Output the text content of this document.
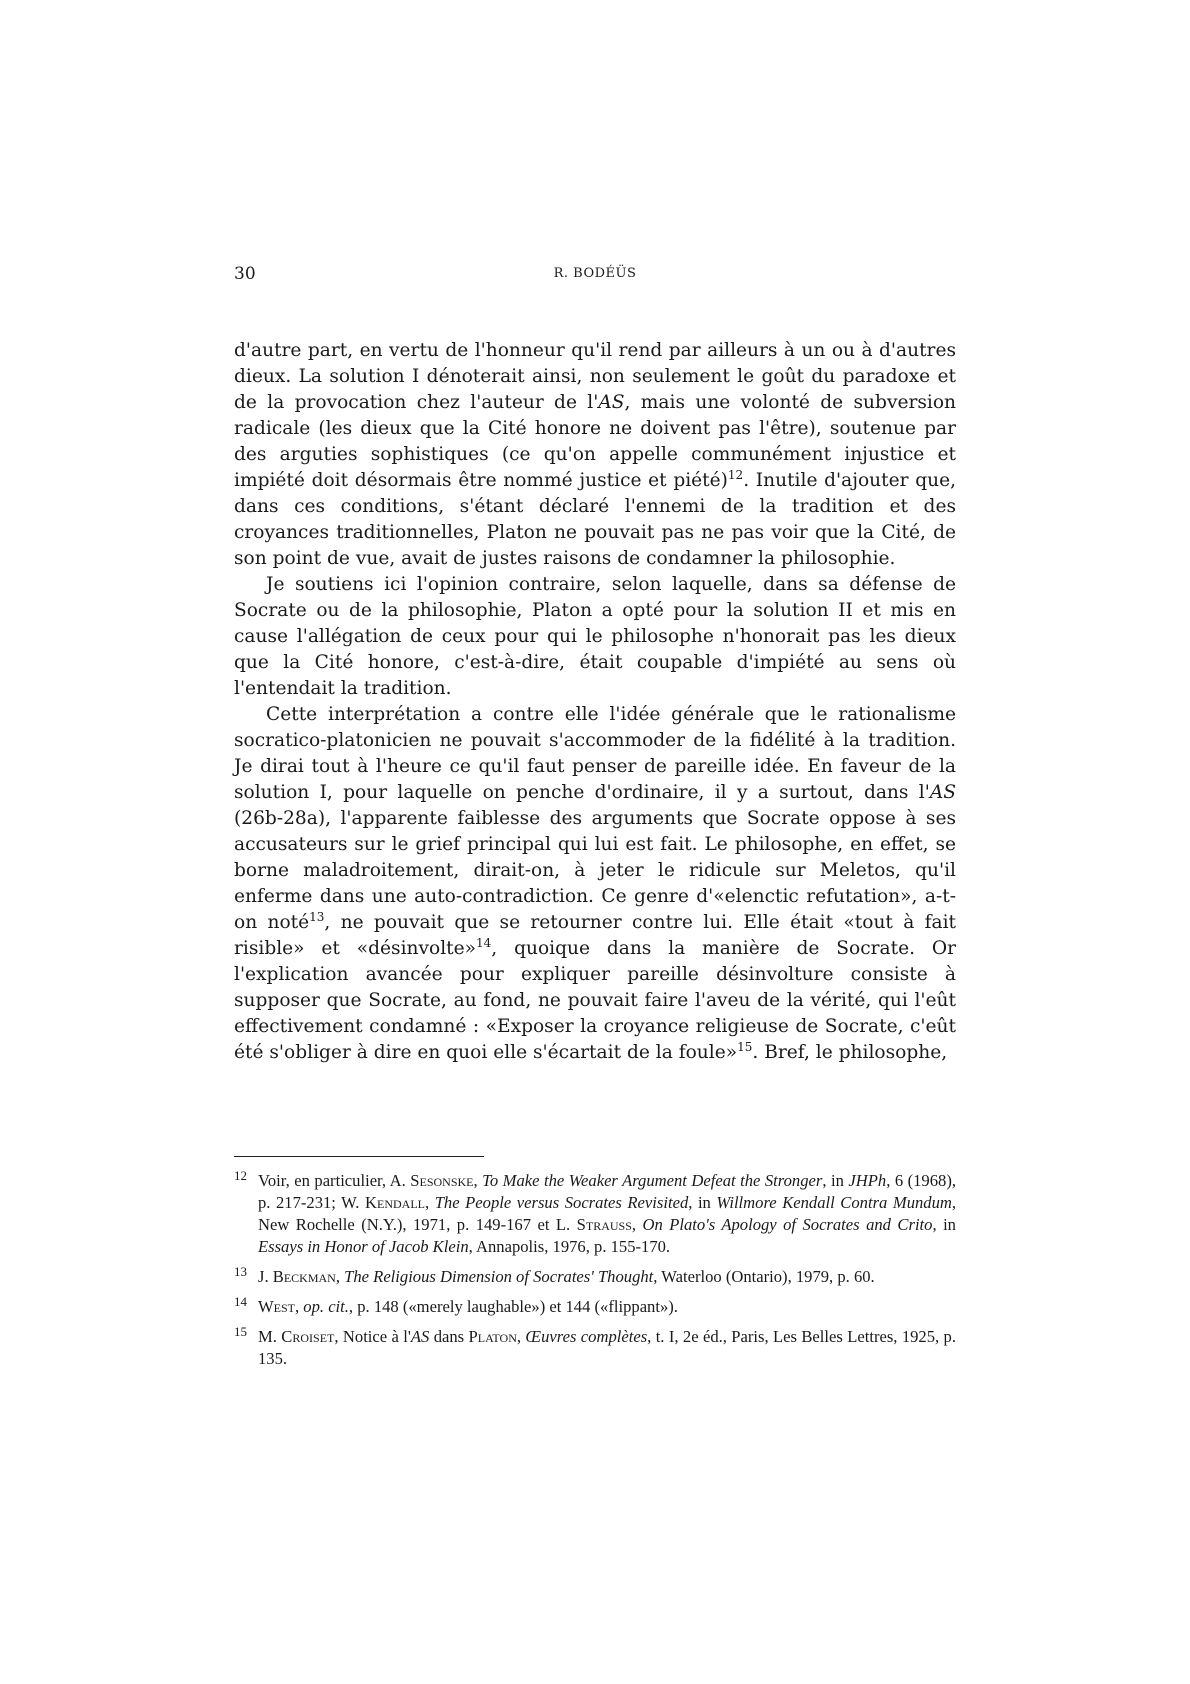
30	R. BODÉÜS

d'autre part, en vertu de l'honneur qu'il rend par ailleurs à un ou à d'autres dieux. La solution I dénoterait ainsi, non seulement le goût du paradoxe et de la provocation chez l'auteur de l'AS, mais une volonté de subversion radicale (les dieux que la Cité honore ne doivent pas l'être), soutenue par des arguties sophistiques (ce qu'on appelle communément injustice et impiété doit désormais être nommé justice et piété)$^{12}$. Inutile d'ajouter que, dans ces conditions, s'étant déclaré l'ennemi de la tradition et des croyances traditionnelles, Platon ne pouvait pas ne pas voir que la Cité, de son point de vue, avait de justes raisons de condamner la philosophie.

Je soutiens ici l'opinion contraire, selon laquelle, dans sa défense de Socrate ou de la philosophie, Platon a opté pour la solution II et mis en cause l'allégation de ceux pour qui le philosophe n'honorait pas les dieux que la Cité honore, c'est-à-dire, était coupable d'impiété au sens où l'entendait la tradition.

Cette interprétation a contre elle l'idée générale que le rationalisme socratico-platonicien ne pouvait s'accommoder de la fidélité à la tradition. Je dirai tout à l'heure ce qu'il faut penser de pareille idée. En faveur de la solution I, pour laquelle on penche d'ordinaire, il y a surtout, dans l'AS (26b-28a), l'apparente faiblesse des arguments que Socrate oppose à ses accusateurs sur le grief principal qui lui est fait. Le philosophe, en effet, se borne maladroitement, dirait-on, à jeter le ridicule sur Meletos, qu'il enferme dans une auto-contradiction. Ce genre d'«elenctic refutation», a-t-on noté$^{13}$, ne pouvait que se retourner contre lui. Elle était «tout à fait risible» et «désinvolte»$^{14}$, quoique dans la manière de Socrate. Or l'explication avancée pour expliquer pareille désinvolture consiste à supposer que Socrate, au fond, ne pouvait faire l'aveu de la vérité, qui l'eût effectivement condamné : «Exposer la croyance religieuse de Socrate, c'eût été s'obliger à dire en quoi elle s'écartait de la foule»$^{15}$. Bref, le philosophe,

12 Voir, en particulier, A. Sesonske, To Make the Weaker Argument Defeat the Stronger, in JHPh, 6 (1968), p. 217-231; W. Kendall, The People versus Socrates Revisited, in Willmore Kendall Contra Mundum, New Rochelle (N.Y.), 1971, p. 149-167 et L. Strauss, On Plato's Apology of Socrates and Crito, in Essays in Honor of Jacob Klein, Annapolis, 1976, p. 155-170.
13 J. Beckman, The Religious Dimension of Socrates' Thought, Waterloo (Ontario), 1979, p. 60.
14 West, op. cit., p. 148 («merely laughable») et 144 («flippant»).
15 M. Croiset, Notice à l'AS dans Platon, Œuvres complètes, t. I, 2e éd., Paris, Les Belles Lettres, 1925, p. 135.
